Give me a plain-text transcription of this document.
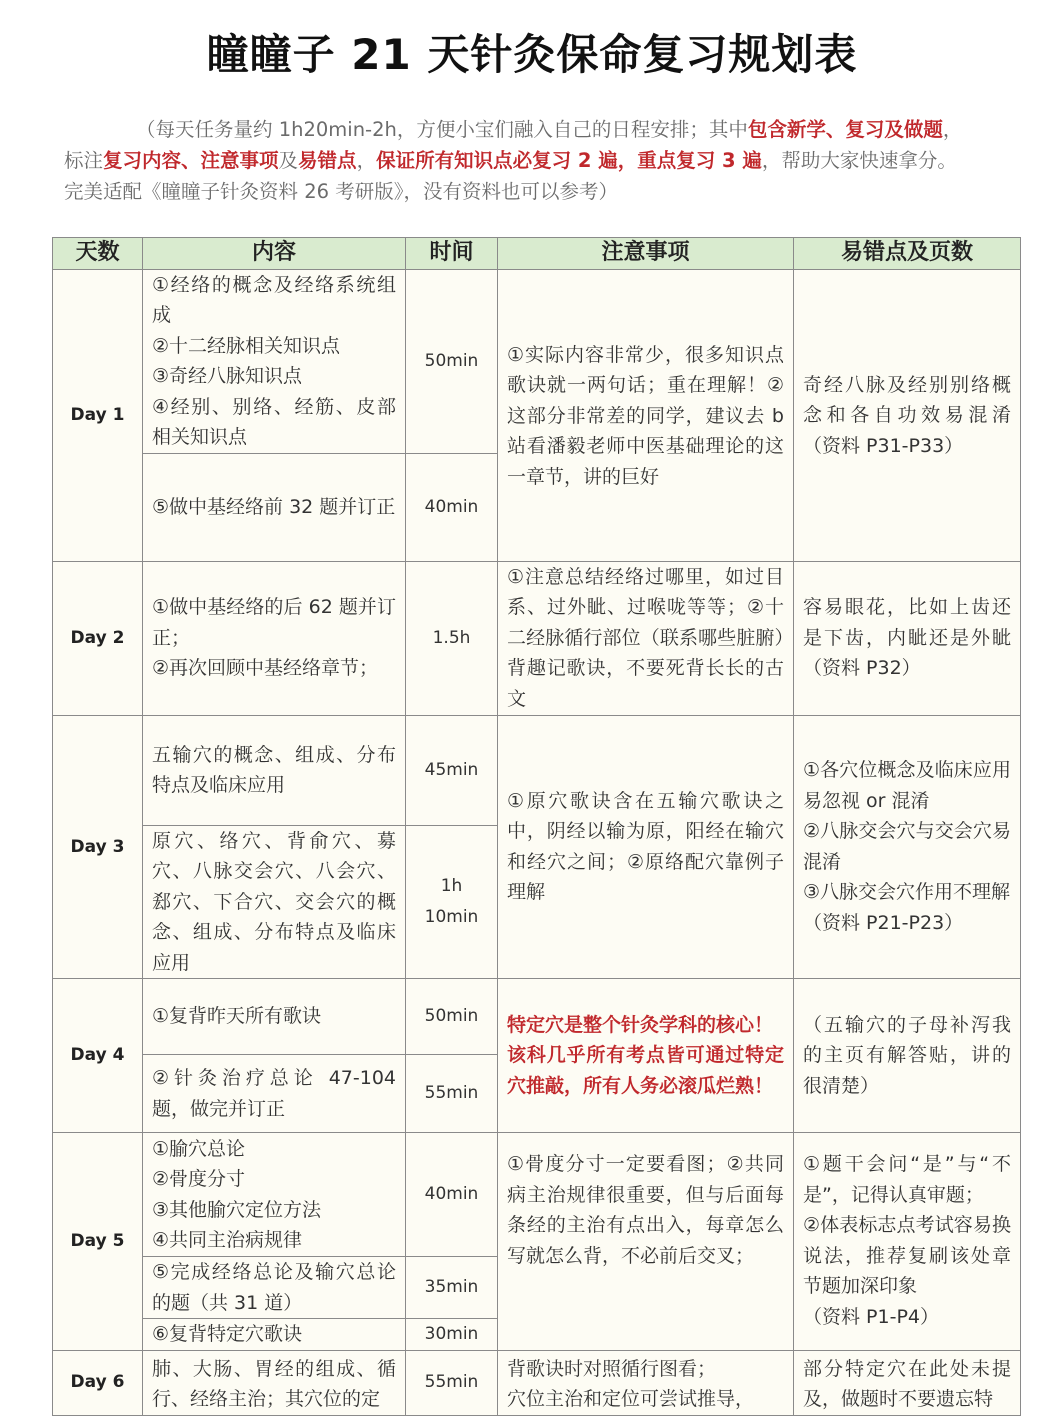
瞳瞳子 21 天针灸保命复习规划表
（每天任务量约 1h20min-2h，方便小宝们融入自己的日程安排；其中包含新学、复习及做题，
标注复习内容、注意事项及易错点，保证所有知识点必复习 2 遍，重点复习 3 遍，帮助大家快速拿分。
完美适配《瞳瞳子针灸资料 26 考研版》，没有资料也可以参考）
天数	内容	时间	注意事项	易错点及页数
Day 1	①经络的概念及经络系统组成
②十二经脉相关知识点
③奇经八脉知识点
④经别、别络、经筋、皮部相关知识点	50min	①实际内容非常少，很多知识点歌诀就一两句话；重在理解！②这部分非常差的同学，建议去 b 站看潘毅老师中医基础理论的这一章节，讲的巨好	奇经八脉及经别别络概念和各自功效易混淆（资料 P31-P33）
	⑤做中基经络前 32 题并订正	40min		
Day 2	①做中基经络的后 62 题并订正；
②再次回顾中基经络章节；	1.5h	①注意总结经络过哪里，如过目系、过外眦、过喉咙等等；②十二经脉循行部位（联系哪些脏腑）背趣记歌诀，不要死背长长的古文	容易眼花，比如上齿还是下齿，内眦还是外眦（资料 P32）
Day 3	五输穴的概念、组成、分布特点及临床应用	45min	①原穴歌诀含在五输穴歌诀之中，阴经以输为原，阳经在输穴和经穴之间；②原络配穴靠例子理解	①各穴位概念及临床应用易忽视 or 混淆
②八脉交会穴与交会穴易混淆
③八脉交会穴作用不理解
（资料 P21-P23）

	原穴、络穴、背俞穴、募穴、八脉交会穴、八会穴、郄穴、下合穴、交会穴的概念、组成、分布特点及临床应用	1h
10min		

Day 4	①复背昨天所有歌诀	50min	特定穴是整个针灸学科的核心！
该科几乎所有考点皆可通过特定穴推敲，所有人务必滚瓜烂熟！	（五输穴的子母补泻我的主页有解答贴，讲的很清楚）
	②针灸治疗总论 47-104 题，做完并订正	55min		
Day 5	①腧穴总论
②骨度分寸
③其他腧穴定位方法
④共同主治病规律	40min	①骨度分寸一定要看图；②共同病主治规律很重要，但与后面每条经的主治有点出入，每章怎么写就怎么背，不必前后交叉；	①题干会问“是”与“不是”，记得认真审题；
②体表标志点考试容易换说法，推荐复刷该处章节题加深印象
（资料 P1-P4）

	⑤完成经络总论及输穴总论的题（共 31 道）	35min		
	⑥复背特定穴歌诀	30min		
Day 6	肺、大肠、胃经的组成、循行、经络主治；其穴位的定	55min	背歌诀时对照循行图看；
穴位主治和定位可尝试推导，	部分特定穴在此处未提及，做题时不要遗忘特
